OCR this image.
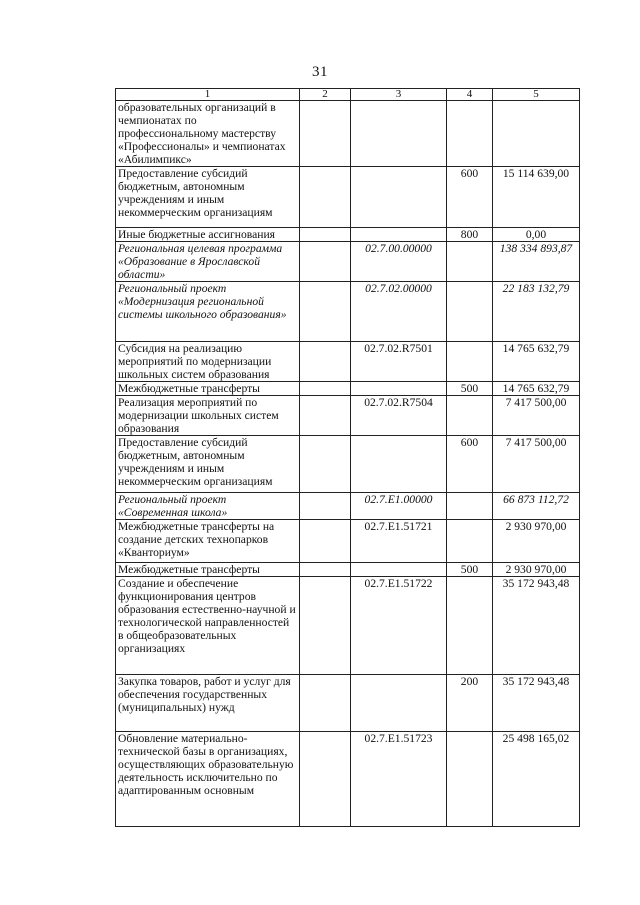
31
1	2	3	4	5
образовательных организаций в чемпионатах по профессиональному мастерству «Профессионалы» и чемпионатах «Абилимпикс»				
Предоставление субсидий бюджетным, автономным учреждениям и иным некоммерческим организациям			600	15 114 639,00
Иные бюджетные ассигнования			800	0,00
Региональная целевая программа «Образование в Ярославской области»		02.7.00.00000		138 334 893,87
Региональный проект «Модернизация региональной системы школьного образования»		02.7.02.00000		22 183 132,79
Субсидия на реализацию мероприятий по модернизации школьных систем образования		02.7.02.R7501		14 765 632,79
Межбюджетные трансферты			500	14 765 632,79
Реализация мероприятий по модернизации школьных систем образования		02.7.02.R7504		7 417 500,00
Предоставление субсидий бюджетным, автономным учреждениям и иным некоммерческим организациям			600	7 417 500,00
Региональный проект «Современная школа»		02.7.Е1.00000		66 873 112,72
Межбюджетные трансферты на создание детских технопарков «Кванториум»		02.7.Е1.51721		2 930 970,00
Межбюджетные трансферты			500	2 930 970,00
Создание и обеспечение функционирования центров образования естественно-научной и технологической направленностей в общеобразовательных организациях		02.7.Е1.51722		35 172 943,48
Закупка товаров, работ и услуг для обеспечения государственных (муниципальных) нужд			200	35 172 943,48
Обновление материально-технической базы в организациях, осуществляющих образовательную деятельность исключительно по адаптированным основным		02.7.Е1.51723		25 498 165,02
